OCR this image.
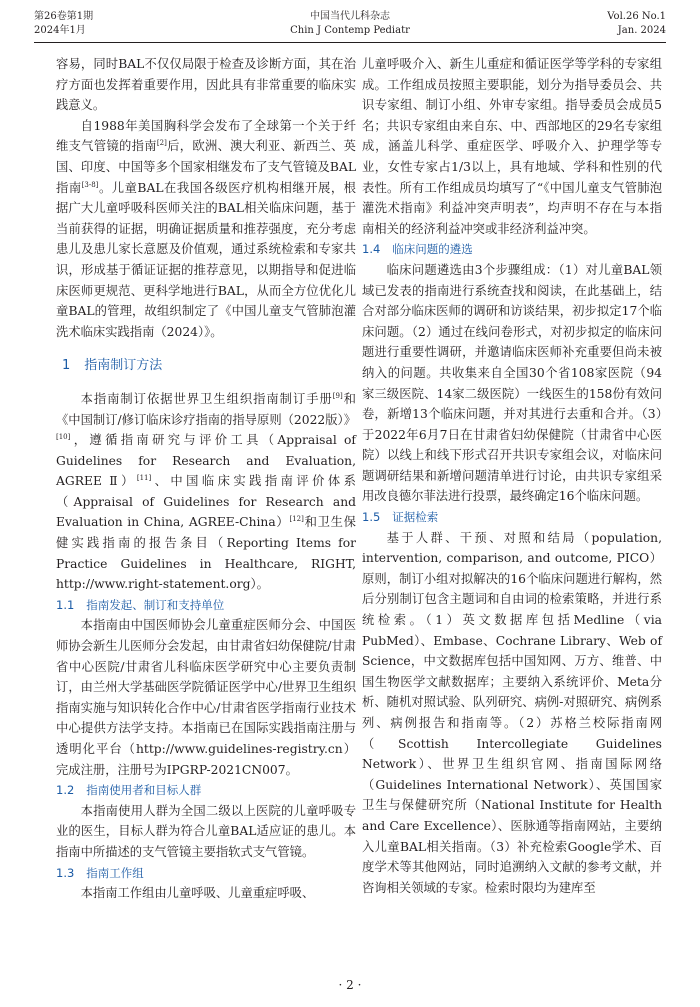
第26卷第1期
2024年1月
中国当代儿科杂志
Chin J Contemp Pediatr
Vol.26 No.1
Jan. 2024

容易，同时BAL不仅仅局限于检查及诊断方面，其在治疗方面也发挥着重要作用，因此具有非常重要的临床实践意义。

自1988年美国胸科学会发布了全球第一个关于纤维支气管镜的指南[2]后，欧洲、澳大利亚、新西兰、英国、印度、中国等多个国家相继发布了支气管镜及BAL指南[3-8]。儿童BAL在我国各级医疗机构相继开展，根据广大儿童呼吸科医师关注的BAL相关临床问题，基于当前获得的证据，明确证据质量和推荐强度，充分考虑患儿及患儿家长意愿及价值观，通过系统检索和专家共识，形成基于循证证据的推荐意见，以期指导和促进临床医师更规范、更科学地进行BAL，从而全方位优化儿童BAL的管理，故组织制定了《中国儿童支气管肺泡灌洗术临床实践指南（2024）》。

1 指南制订方法

本指南制订依据世界卫生组织指南制订手册[9]和《中国制订/修订临床诊疗指南的指导原则（2022版）》[10]，遵循指南研究与评价工具（Appraisal of Guidelines for Research and Evaluation, AGREE Ⅱ）[11]、中国临床实践指南评价体系（Appraisal of Guidelines for Research and Evaluation in China, AGREE-China）[12]和卫生保健实践指南的报告条目（Reporting Items for Practice Guidelines in Healthcare, RIGHT, http://www.right-statement.org）。

1.1 指南发起、制订和支持单位

本指南由中国医师协会儿童重症医师分会、中国医师协会新生儿医师分会发起，由甘肃省妇幼保健院/甘肃省中心医院/甘肃省儿科临床医学研究中心主要负责制订，由兰州大学基础医学院循证医学中心/世界卫生组织指南实施与知识转化合作中心/甘肃省医学指南行业技术中心提供方法学支持。本指南已在国际实践指南注册与透明化平台（http://www.guidelines-registry.cn）完成注册，注册号为IPGRP-2021CN007。

1.2 指南使用者和目标人群

本指南使用人群为全国二级以上医院的儿童呼吸专业的医生，目标人群为符合儿童BAL适应证的患儿。本指南中所描述的支气管镜主要指软式支气管镜。

1.3 指南工作组

本指南工作组由儿童呼吸、儿童重症呼吸、

儿童呼吸介入、新生儿重症和循证医学等学科的专家组成。工作组成员按照主要职能，划分为指导委员会、共识专家组、制订小组、外审专家组。指导委员会成员5名；共识专家组由来自东、中、西部地区的29名专家组成，涵盖儿科学、重症医学、呼吸介入、护理学等专业，女性专家占1/3以上，具有地域、学科和性别的代表性。所有工作组成员均填写了“《中国儿童支气管肺泡灌洗术指南》利益冲突声明表”，均声明不存在与本指南相关的经济利益冲突或非经济利益冲突。

1.4 临床问题的遴选

临床问题遴选由3个步骤组成：（1）对儿童BAL领域已发表的指南进行系统查找和阅读，在此基础上，结合对部分临床医师的调研和访谈结果，初步拟定17个临床问题。（2）通过在线问卷形式，对初步拟定的临床问题进行重要性调研，并邀请临床医师补充重要但尚未被纳入的问题。共收集来自全国30个省108家医院（94家三级医院、14家二级医院）一线医生的158份有效问卷，新增13个临床问题，并对其进行去重和合并。（3）于2022年6月7日在甘肃省妇幼保健院（甘肃省中心医院）以线上和线下形式召开共识专家组会议，对临床问题调研结果和新增问题清单进行讨论，由共识专家组采用改良德尔菲法进行投票，最终确定16个临床问题。

1.5 证据检索

基于人群、干预、对照和结局（population, intervention, comparison, and outcome, PICO）原则，制订小组对拟解决的16个临床问题进行解构，然后分别制订包含主题词和自由词的检索策略，并进行系统检索。（1）英文数据库包括Medline（via PubMed）、Embase、Cochrane Library、Web of Science，中文数据库包括中国知网、万方、维普、中国生物医学文献数据库；主要纳入系统评价、Meta分析、随机对照试验、队列研究、病例-对照研究、病例系列、病例报告和指南等。（2）苏格兰校际指南网（Scottish Intercollegiate Guidelines Network）、世界卫生组织官网、指南国际网络（Guidelines International Network）、英国国家卫生与保健研究所（National Institute for Health and Care Excellence）、医脉通等指南网站，主要纳入儿童BAL相关指南。（3）补充检索Google学术、百度学术等其他网站，同时追溯纳入文献的参考文献，并咨询相关领域的专家。检索时限均为建库至

· 2 ·
